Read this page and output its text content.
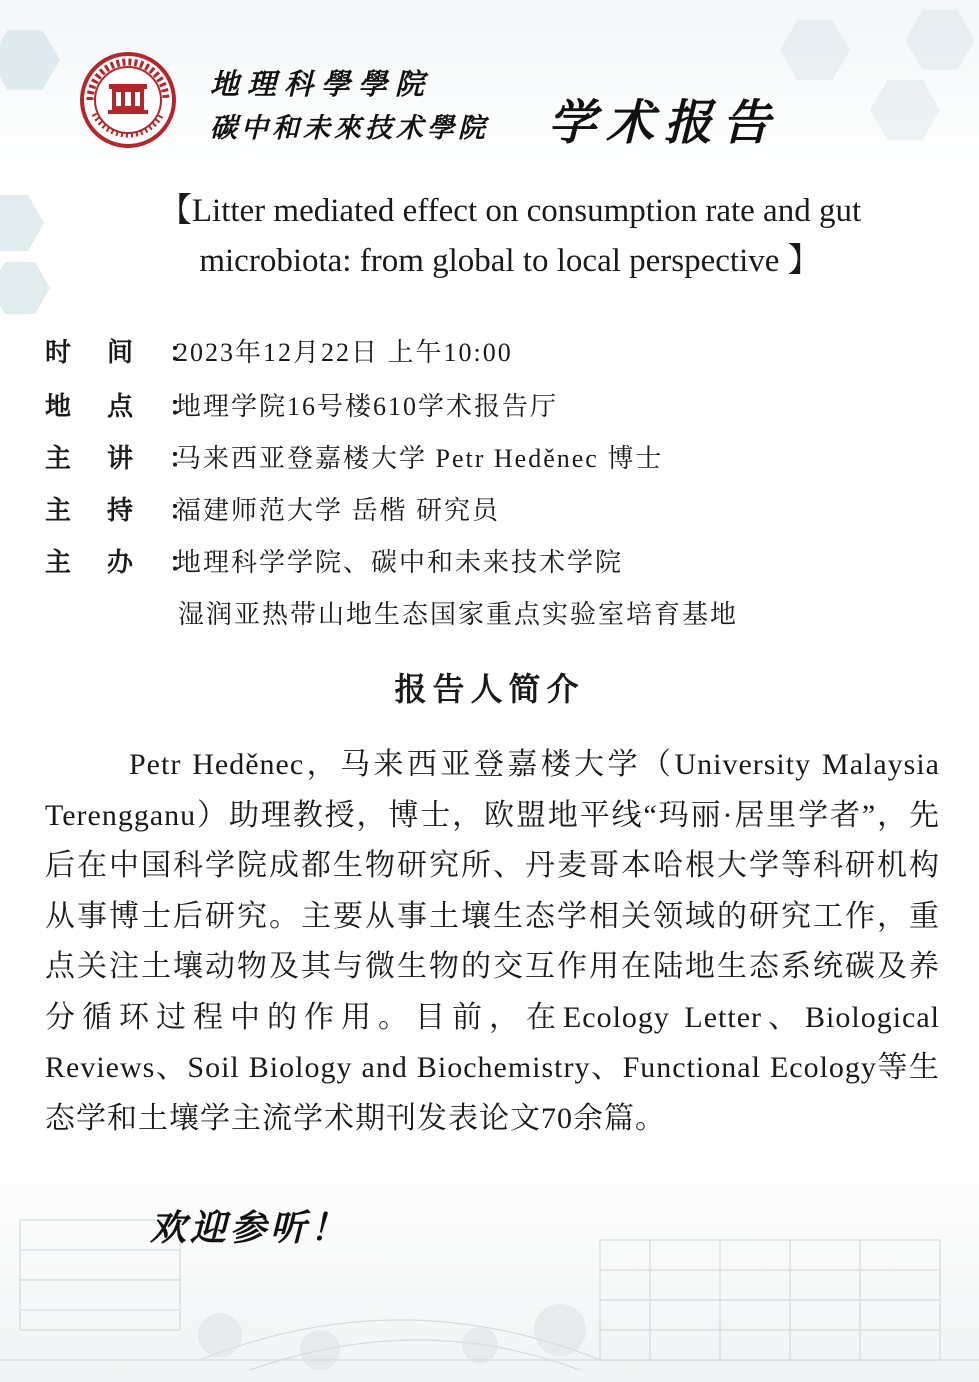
地理科學學院
碳中和未來技术學院 学术报告
【Litter mediated effect on consumption rate and gut microbiota: from global to local perspective 】
时间：2023年12月22日 上午10:00
地点：地理学院16号楼610学术报告厅
主讲：马来西亚登嘉楼大学 Petr Heděnec 博士
主持：福建师范大学 岳楷 研究员
主办：地理科学学院、碳中和未来技术学院
湿润亚热带山地生态国家重点实验室培育基地
报告人简介
Petr Heděnec，马来西亚登嘉楼大学（University Malaysia Terengganu）助理教授，博士，欧盟地平线“玛丽·居里学者”，先后在中国科学院成都生物研究所、丹麦哥本哈根大学等科研机构从事博士后研究。主要从事土壤生态学相关领域的研究工作，重点关注土壤动物及其与微生物的交互作用在陆地生态系统碳及养分循环过程中的作用。目前，在Ecology Letter、Biological Reviews、Soil Biology and Biochemistry、Functional Ecology等生态学和土壤学主流学术期刊发表论文70余篇。
欢迎参听！
